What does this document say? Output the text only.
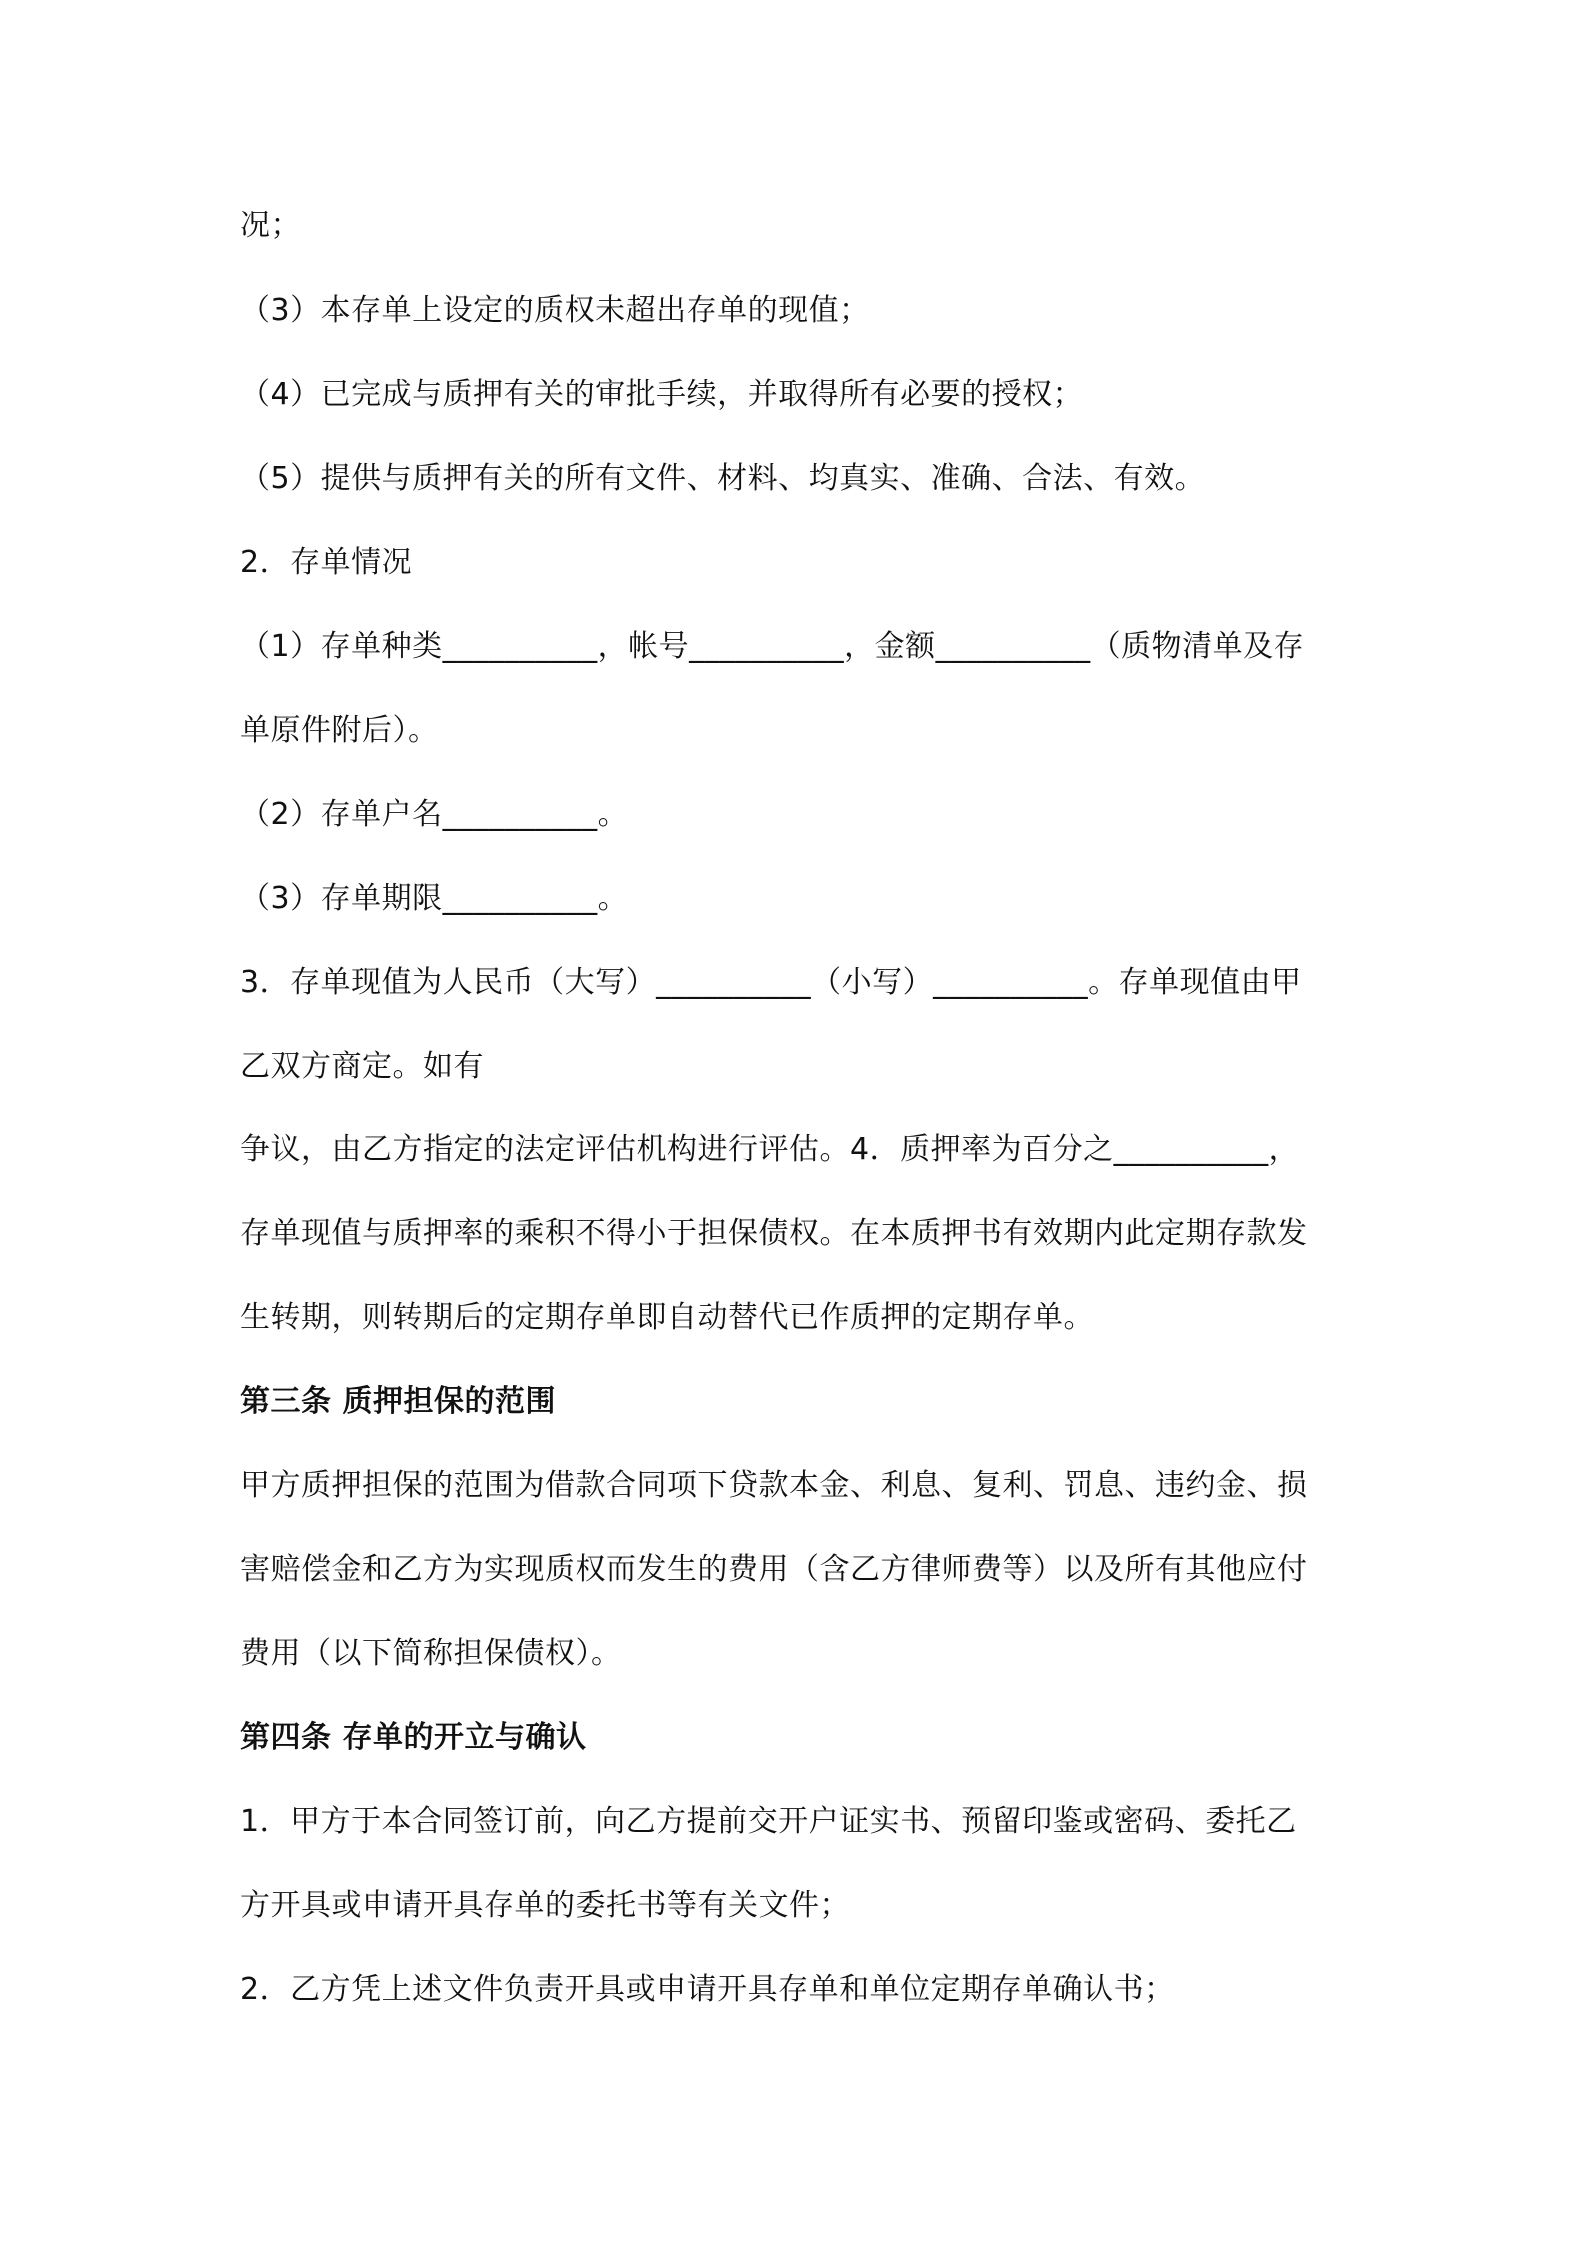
况；
（3）本存单上设定的质权未超出存单的现值；
（4）已完成与质押有关的审批手续，并取得所有必要的授权；
（5）提供与质押有关的所有文件、材料、均真实、准确、合法、有效。
2．存单情况
（1）存单种类__________，帐号__________，金额__________（质物清单及存
单原件附后）。
（2）存单户名__________。
（3）存单期限__________。
3．存单现值为人民币（大写）__________（小写）__________。存单现值由甲
乙双方商定。如有
争议，由乙方指定的法定评估机构进行评估。4．质押率为百分之__________，
存单现值与质押率的乘积不得小于担保债权。在本质押书有效期内此定期存款发
生转期，则转期后的定期存单即自动替代已作质押的定期存单。
第三条 质押担保的范围
甲方质押担保的范围为借款合同项下贷款本金、利息、复利、罚息、违约金、损
害赔偿金和乙方为实现质权而发生的费用（含乙方律师费等）以及所有其他应付
费用（以下简称担保债权）。
第四条 存单的开立与确认
1．甲方于本合同签订前，向乙方提前交开户证实书、预留印鉴或密码、委托乙
方开具或申请开具存单的委托书等有关文件；
2．乙方凭上述文件负责开具或申请开具存单和单位定期存单确认书；
